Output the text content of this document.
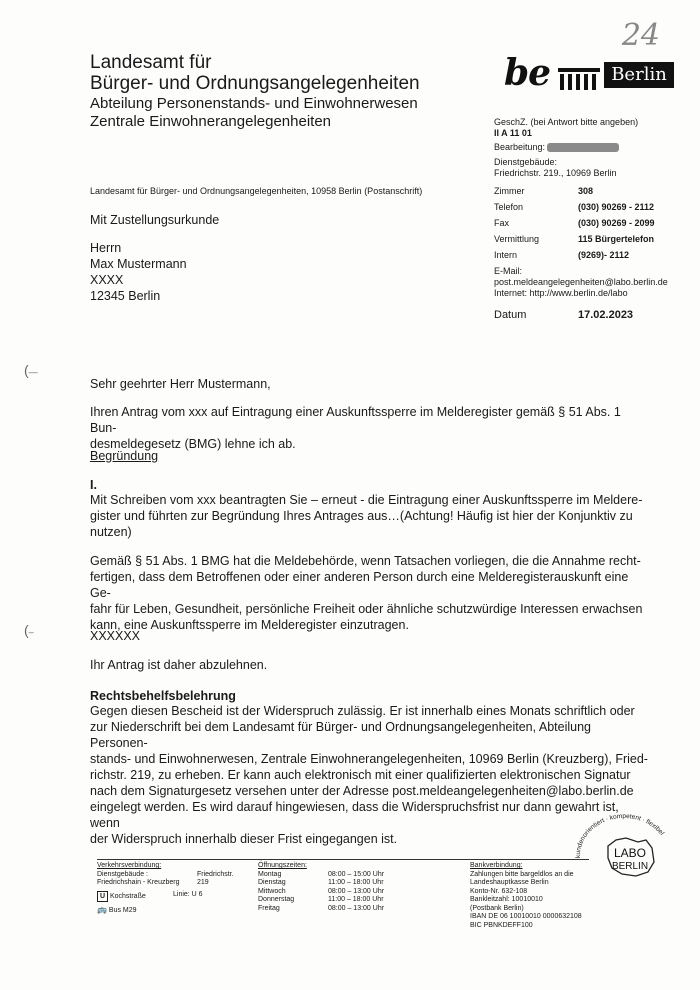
24
Landesamt für
Bürger- und Ordnungsangelegenheiten
Abteilung Personenstands- und Einwohnerwesen
Zentrale Einwohnerangelegenheiten
be	Berlin
Landesamt für Bürger- und Ordnungsangelegenheiten, 10958 Berlin (Postanschrift)
Mit Zustellungsurkunde
Herrn
Max Mustermann
XXXX
12345 Berlin
GeschZ. (bei Antwort bitte angeben)
II A 11 01
Bearbeitung:
Dienstgebäude:
Friedrichstr. 219., 10969 Berlin
Zimmer	308
Telefon	(030) 90269 - 2112
Fax	(030) 90269 - 2099
Vermittlung	115 Bürgertelefon
Intern	(9269)- 2112
E-Mail:
post.meldeangelegenheiten@labo.berlin.de
Internet: http://www.berlin.de/labo
Datum	17.02.2023
(—
(–
Sehr geehrter Herr Mustermann,
Ihren Antrag vom xxx auf Eintragung einer Auskunftssperre im Melderegister gemäß § 51 Abs. 1 Bun-
desmeldegesetz (BMG) lehne ich ab.
Begründung
I.
Mit Schreiben vom xxx beantragten Sie – erneut - die Eintragung einer Auskunftssperre im Meldere-
gister und führten zur Begründung Ihres Antrages aus…(Achtung! Häufig ist hier der Konjunktiv zu
nutzen)
Gemäß § 51 Abs. 1 BMG hat die Meldebehörde, wenn Tatsachen vorliegen, die die Annahme recht-
fertigen, dass dem Betroffenen oder einer anderen Person durch eine Melderegisterauskunft eine Ge-
fahr für Leben, Gesundheit, persönliche Freiheit oder ähnliche schutzwürdige Interessen erwachsen
kann, eine Auskunftssperre im Melderegister einzutragen.
XXXXXX
Ihr Antrag ist daher abzulehnen.
Rechtsbehelfsbelehrung
Gegen diesen Bescheid ist der Widerspruch zulässig. Er ist innerhalb eines Monats schriftlich oder
zur Niederschrift bei dem Landesamt für Bürger- und Ordnungsangelegenheiten, Abteilung Personen-
stands- und Einwohnerwesen, Zentrale Einwohnerangelegenheiten, 10969 Berlin (Kreuzberg), Fried-
richstr. 219, zu erheben. Er kann auch elektronisch mit einer qualifizierten elektronischen Signatur
nach dem Signaturgesetz versehen unter der Adresse post.meldeangelegenheiten@labo.berlin.de
eingelegt werden. Es wird darauf hingewiesen, dass die Widerspruchsfrist nur dann gewahrt ist, wenn
der Widerspruch innerhalb dieser Frist eingegangen ist.
kundenorientiert · kompetent · flexibel
LABO
BERLIN
Verkehrsverbindung:
Dienstgebäude :	Friedrichstr. 219
Friedrichshain - Kreuzberg
U Kochstraße	Linie: U 6
🚌 Bus M29
Öffnungszeiten:
Montag	08:00 – 15:00 Uhr
Dienstag	11:00 – 18:00 Uhr
Mittwoch	08:00 – 13:00 Uhr
Donnerstag	11:00 – 18:00 Uhr
Freitag	08:00 – 13:00 Uhr
Bankverbindung:
Zahlungen bitte bargeldlos an die
Landeshauptkasse Berlin
Konto-Nr. 632-108
Bankleitzahl: 10010010
(Postbank Berlin)
IBAN DE 06 10010010 0000632108
BIC PBNKDEFF100
